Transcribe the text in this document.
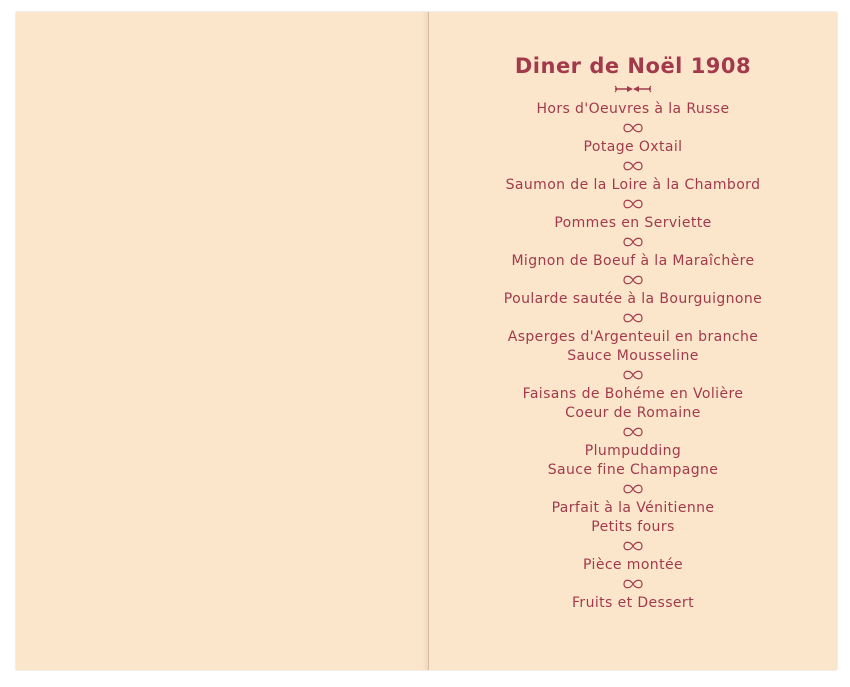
Diner de Noël 1908
Hors d'Oeuvres à la Russe
Potage Oxtail
Saumon de la Loire à la Chambord
Pommes en Serviette
Mignon de Boeuf à la Maraîchère
Poularde sautée à la Bourguignone
Asperges d'Argenteuil en branche
Sauce Mousseline
Faisans de Bohéme en Volière
Coeur de Romaine
Plumpudding
Sauce fine Champagne
Parfait à la Vénitienne
Petits fours
Pièce montée
Fruits et Dessert
